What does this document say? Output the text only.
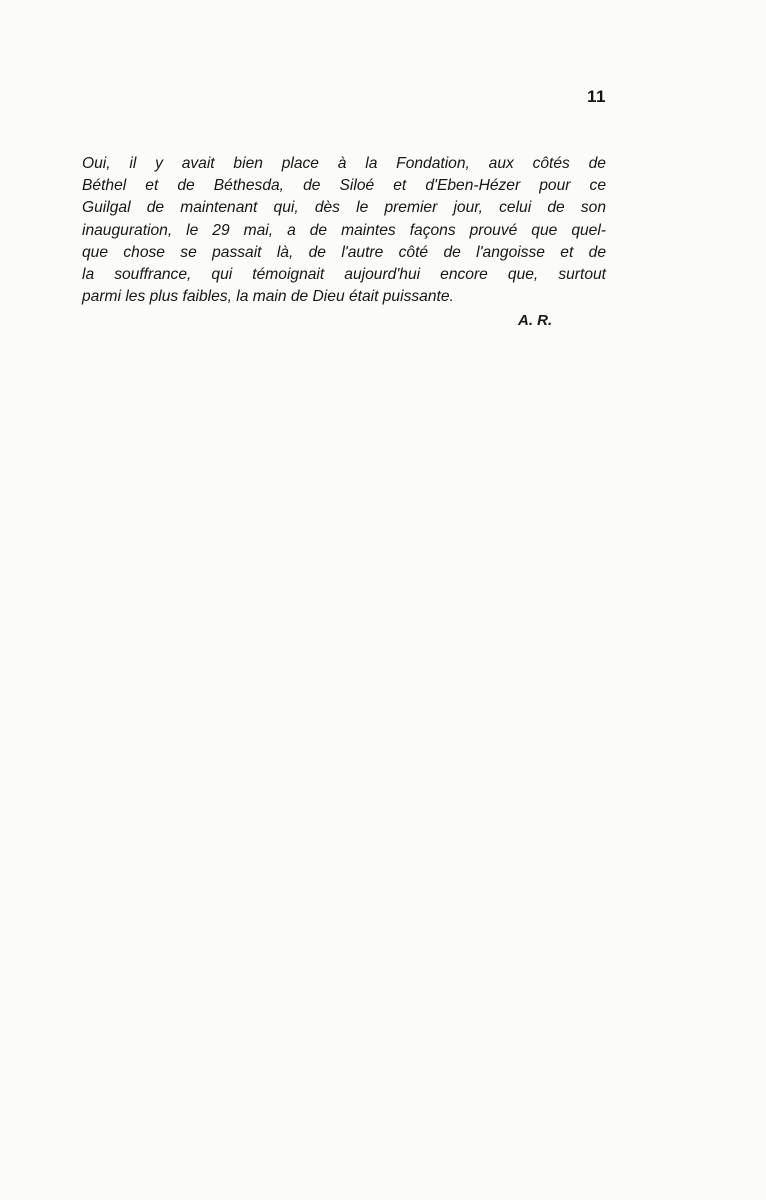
11
Oui, il y avait bien place à la Fondation, aux côtés de
Béthel et de Béthesda, de Siloé et d'Eben-Hézer pour ce
Guilgal de maintenant qui, dès le premier jour, celui de son
inauguration, le 29 mai, a de maintes façons prouvé que quel-
que chose se passait là, de l'autre côté de l'angoisse et de
la souffrance, qui témoignait aujourd'hui encore que, surtout
parmi les plus faibles, la main de Dieu était puissante.
A. R.
